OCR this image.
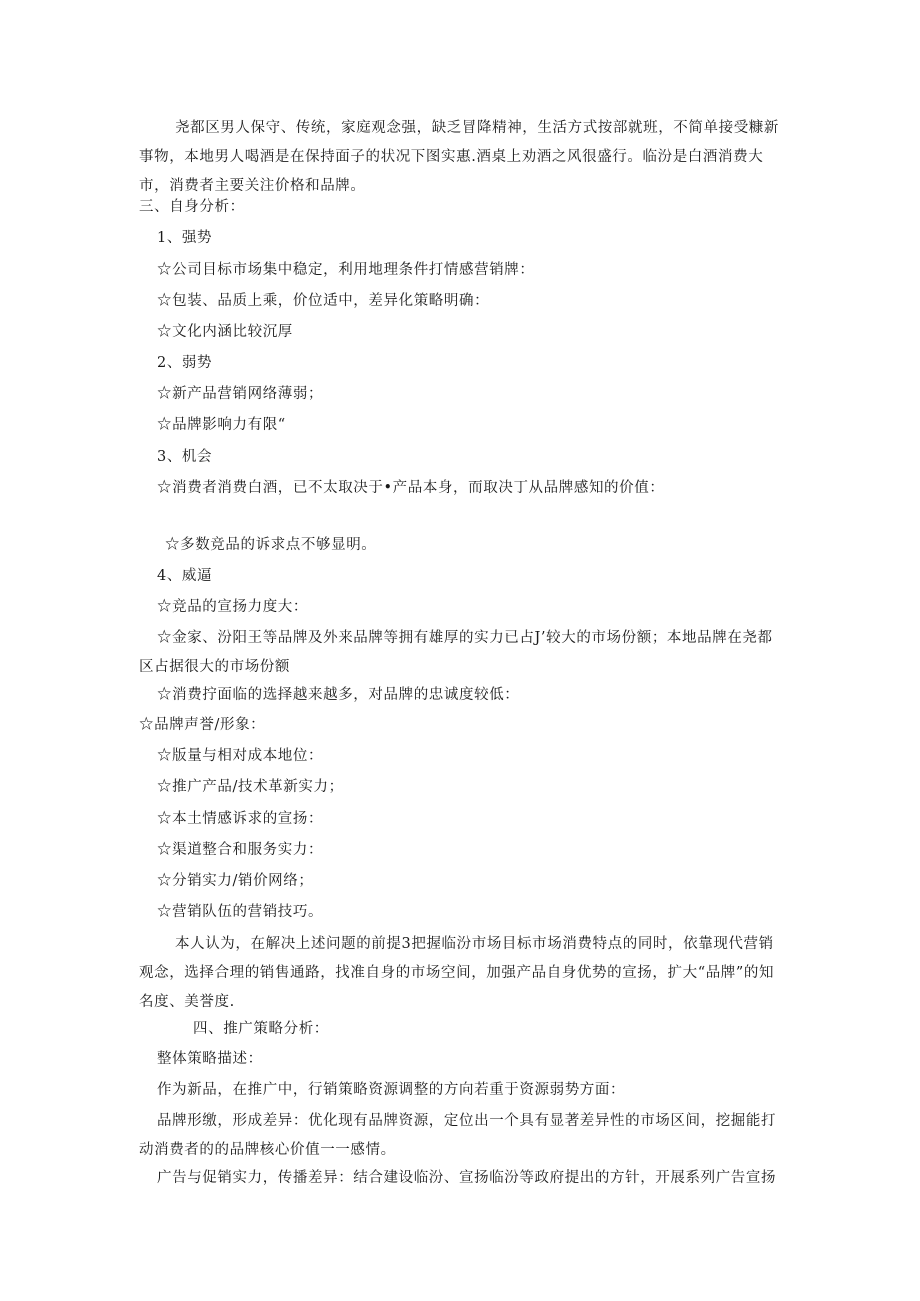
尧都区男人保守、传统，家庭观念强，缺乏冒降精神，生活方式按部就班，不简单接受糠新事物，本地男人喝酒是在保持面子的状况下图实惠.酒桌上劝酒之风很盛行。临汾是白酒消费大市，消费者主要关注价格和品牌。
三、自身分析：
1、强势
☆公司目标市场集中稳定，利用地理条件打情感营销牌：
☆包装、品质上乘，价位适中，差异化策略明确：
☆文化内涵比较沉厚
2、弱势
☆新产品营销网络薄弱；
☆品牌影响力有限“
3、机会
☆消费者消费白酒，已不太取决于•产品本身，而取决丁从品牌感知的价值：
☆多数竞品的诉求点不够显明。
4、威逼
☆竞品的宣扬力度大：
☆金家、汾阳王等品牌及外来品牌等拥有雄厚的实力已占J’较大的市场份额；本地品牌在尧都区占据很大的市场份额
☆消费拧面临的选择越来越多，对品牌的忠诚度较低：
☆品牌声誉/形象：
☆版量与相对成本地位：
☆推广产品/技术革新实力；
☆本土情感诉求的宣扬：
☆渠道整合和服务实力：
☆分销实力/销价网络；
☆营销队伍的营销技巧。
本人认为，在解决上述问题的前提3把握临汾市场目标市场消费特点的同时，依靠现代营销观念，选择合理的销售通路，找准自身的市场空间，加强产品自身优势的宣扬，扩大“品牌”的知名度、美誉度.
四、推广策略分析：
整体策略描述：
作为新品，在推广中，行销策略资源调整的方向若重于资源弱势方面：
品牌形缴，形成差异：优化现有品牌资源，定位出一个具有显著差异性的市场区间，挖掘能打动消费者的的品牌核心价值一一感情。
广告与促销实力，传播差异：结合建设临汾、宣扬临汾等政府提出的方针，开展系列广告宣扬
